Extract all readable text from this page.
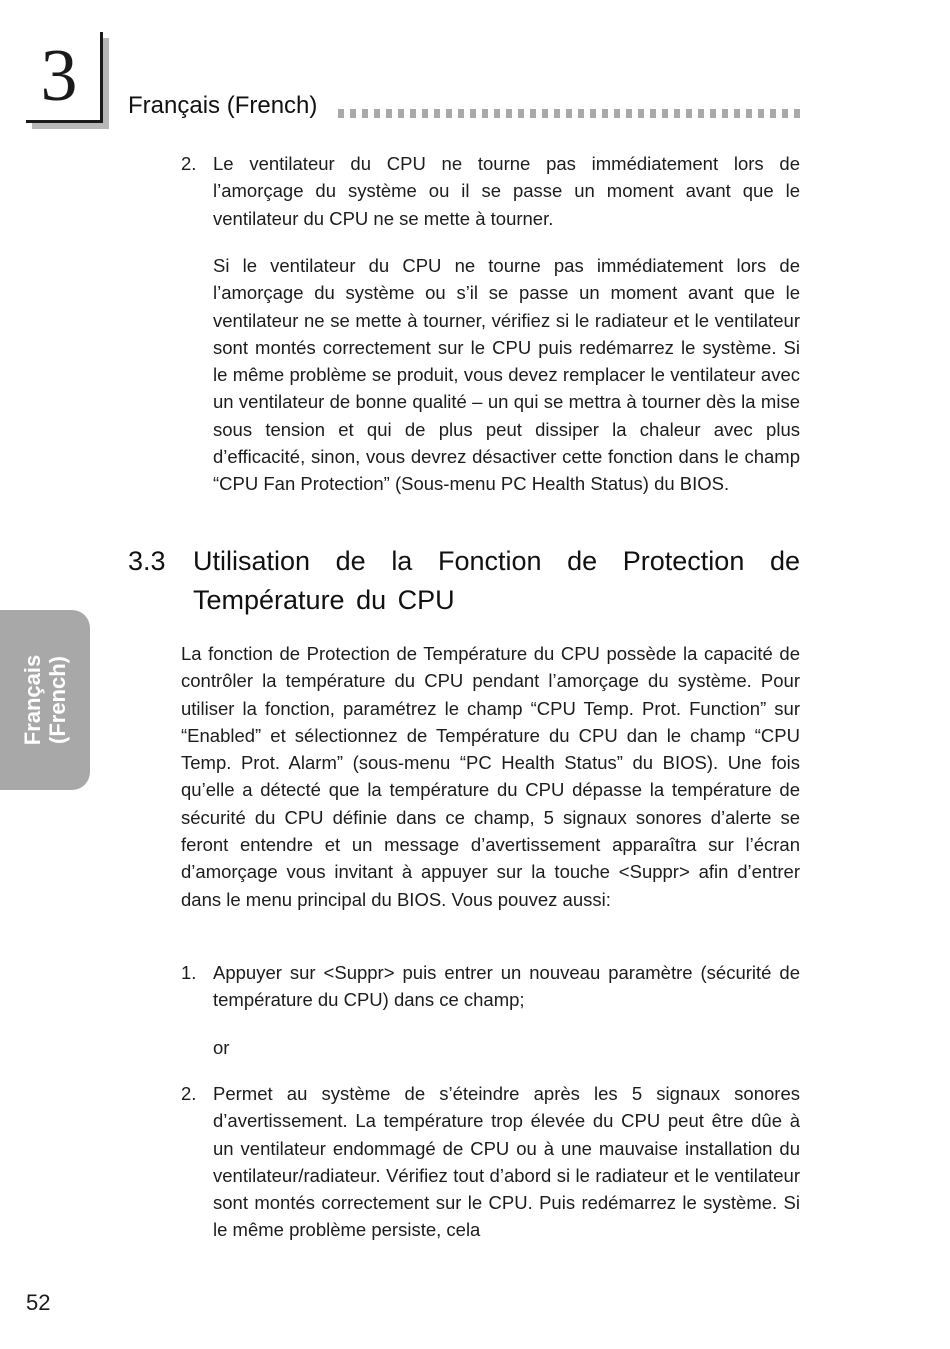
3	Français (French)
Français (French)
2. Le ventilateur du CPU ne tourne pas immédiatement lors de l’amorçage du système ou il se passe un moment avant que le ventilateur du CPU ne se mette à tourner.

Si le ventilateur du CPU ne tourne pas immédiatement lors de l’amorçage du système ou s’il se passe un moment avant que le ventilateur ne se mette à tourner, vérifiez si le radiateur et le ventilateur sont montés correctement sur le CPU puis redémarrez le système. Si le même problème se produit, vous devez remplacer le ventilateur avec un ventilateur de bonne qualité – un qui se mettra à tourner dès la mise sous tension et qui de plus peut dissiper la chaleur avec plus d’efficacité, sinon, vous devrez désactiver cette fonction dans le champ “CPU Fan Protection” (Sous-menu PC Health Status) du BIOS.

3.3 Utilisation de la Fonction de Protection de Température du CPU

La fonction de Protection de Température du CPU possède la capacité de contrôler la température du CPU pendant l’amorçage du système. Pour utiliser la fonction, paramétrez le champ “CPU Temp. Prot. Function” sur “Enabled” et sélectionnez de Température du CPU dan le champ “CPU Temp. Prot. Alarm” (sous-menu “PC Health Status” du BIOS). Une fois qu’elle a détecté que la température du CPU dépasse la température de sécurité du CPU définie dans ce champ, 5 signaux sonores d’alerte se feront entendre et un message d’avertissement apparaîtra sur l’écran d’amorçage vous invitant à appuyer sur la touche <Suppr> afin d’entrer dans le menu principal du BIOS. Vous pouvez aussi:

1. Appuyer sur <Suppr> puis entrer un nouveau paramètre (sécurité de température du CPU) dans ce champ;

or
2. Permet au système de s’éteindre après les 5 signaux sonores d’avertissement. La température trop élevée du CPU peut être dûe à un ventilateur endommagé de CPU ou à une mauvaise installation du ventilateur/radiateur. Vérifiez tout d’abord si le radiateur et le ventilateur sont montés correctement sur le CPU. Puis redémarrez le système. Si le même problème persiste, cela

52
